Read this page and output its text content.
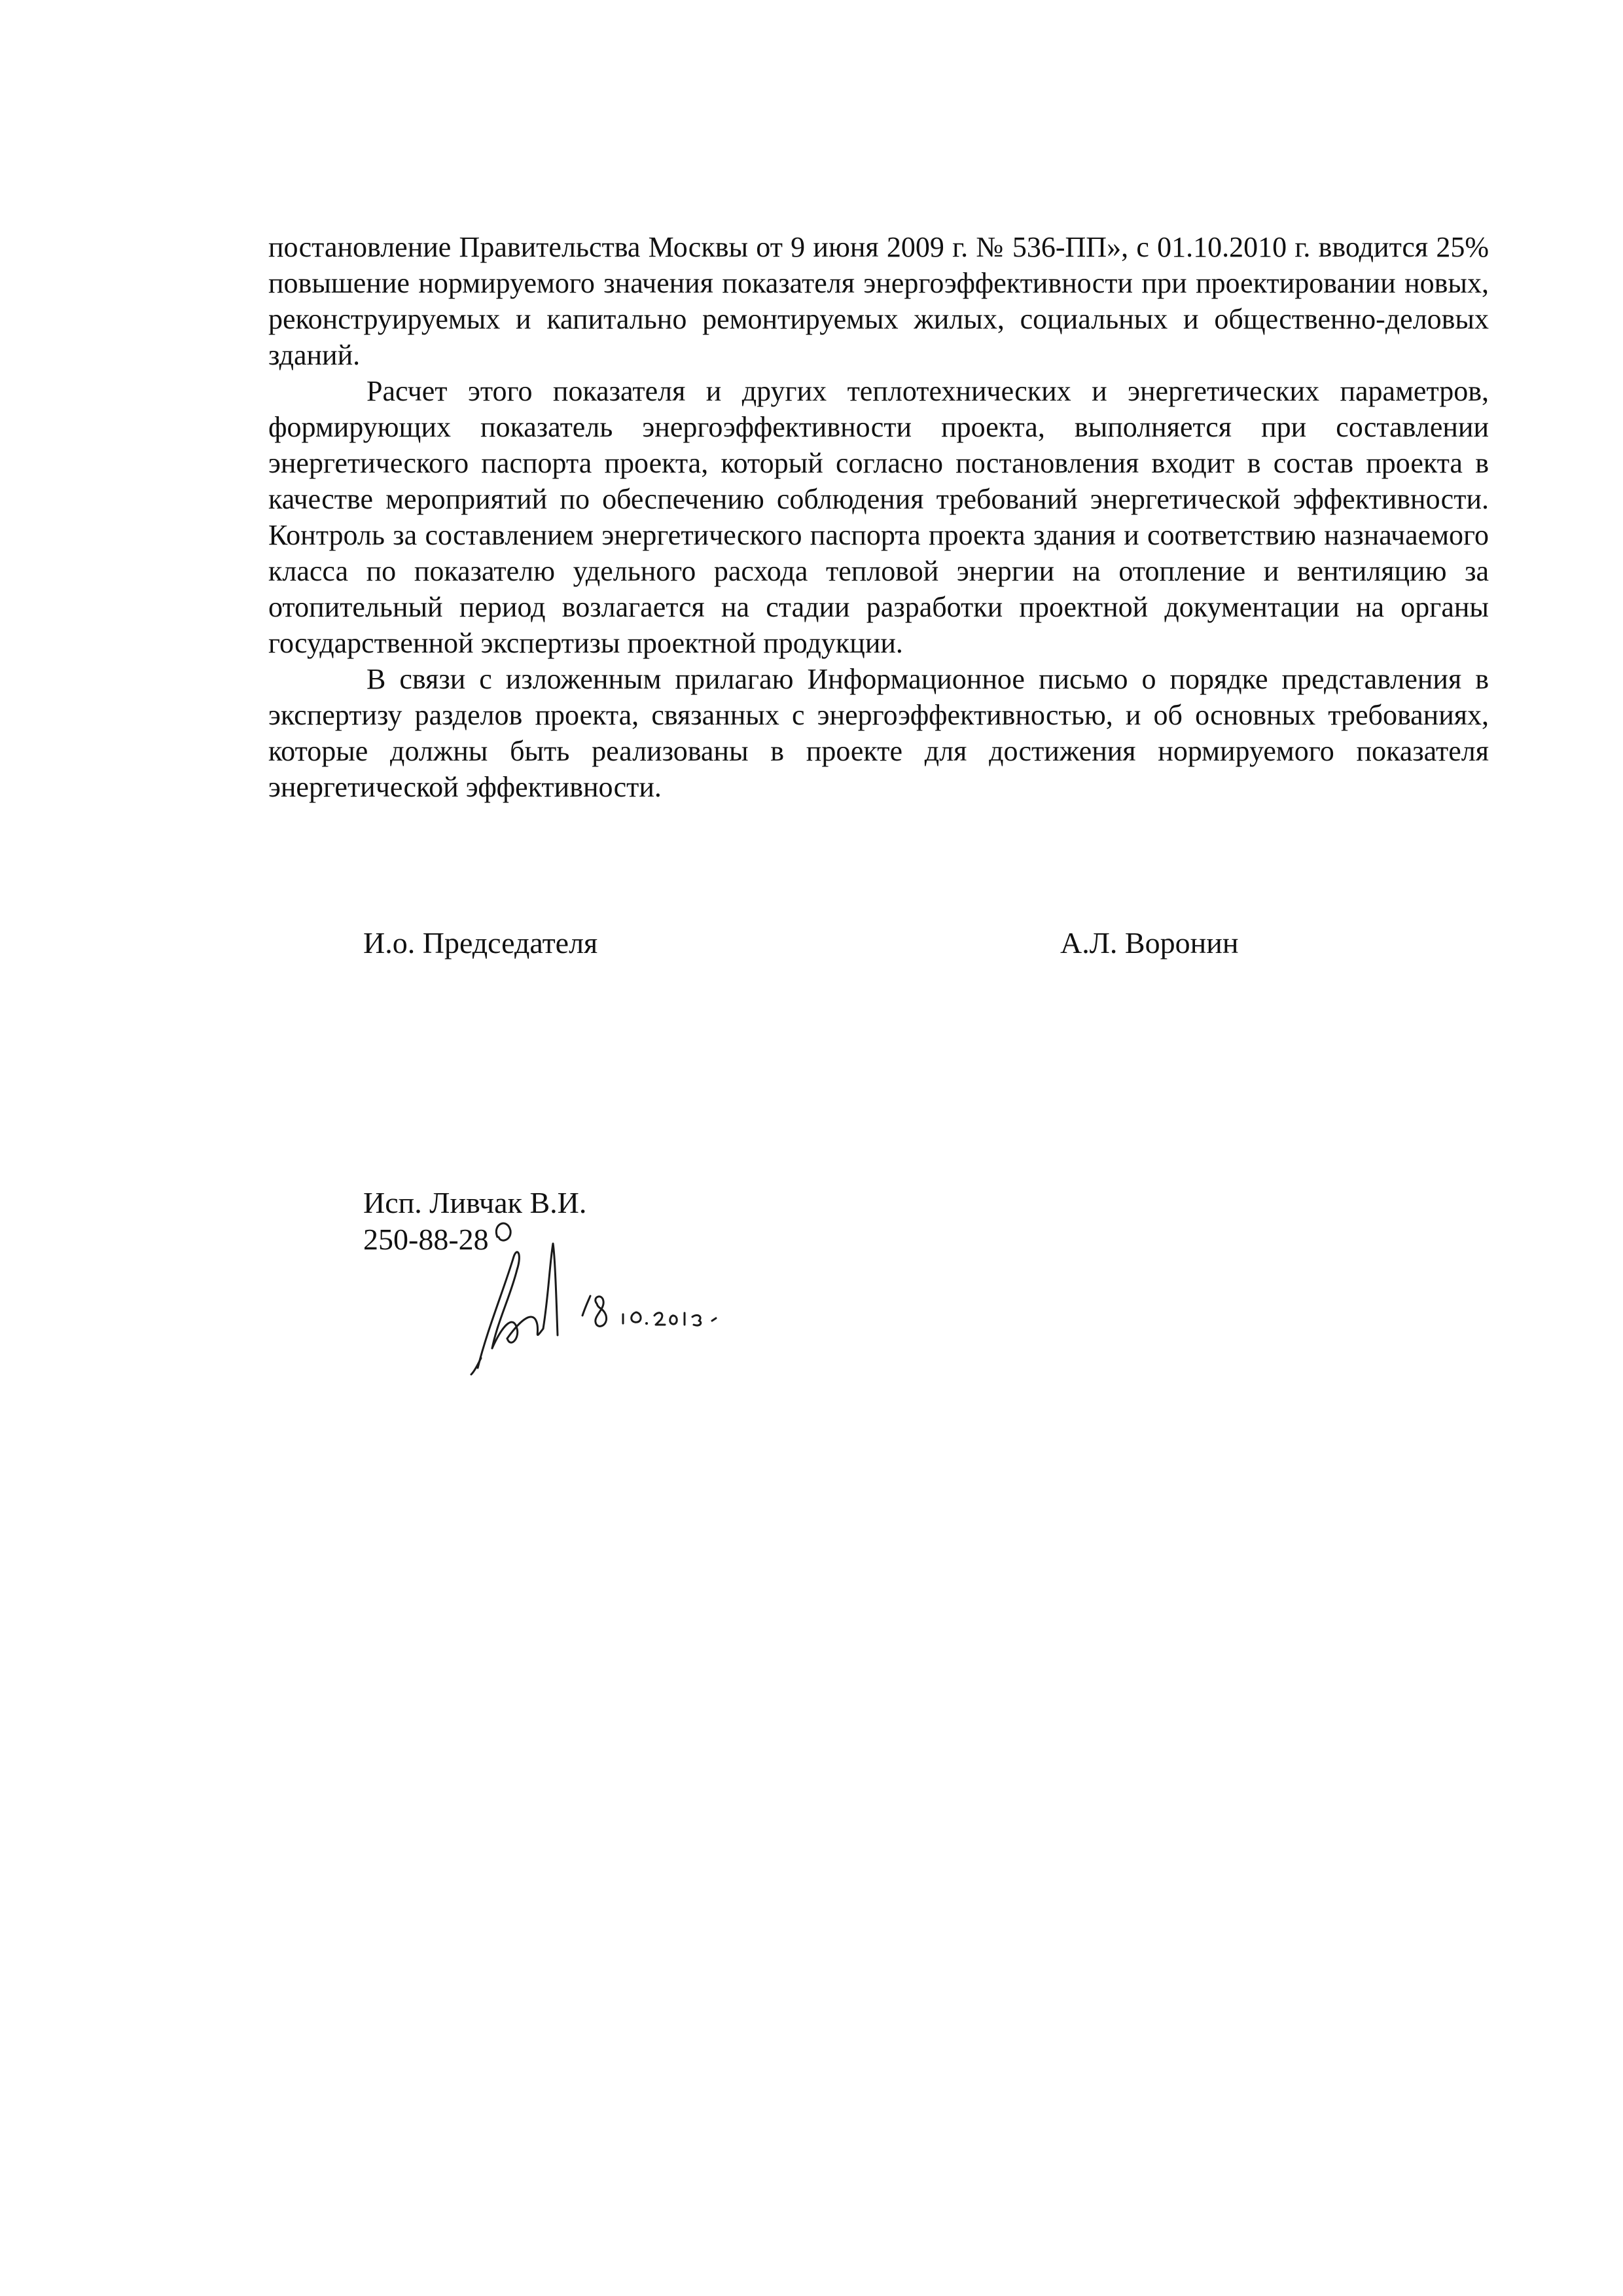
постановление Правительства Москвы от 9 июня 2009 г. № 536-ПП», с 01.10.2010 г. вводится 25% повышение нормируемого значения показателя энергоэффективности при проектировании новых, реконструируемых и капитально ремонтируемых жилых, социальных и общественно-деловых зданий.

Расчет этого показателя и других теплотехнических и энергетических параметров, формирующих показатель энергоэффективности проекта, выполняется при составлении энергетического паспорта проекта, который согласно постановления входит в состав проекта в качестве мероприятий по обеспечению соблюдения требований энергетической эффективности. Контроль за составлением энергетического паспорта проекта здания и соответствию назначаемого класса по показателю удельного расхода тепловой энергии на отопление и вентиляцию за отопительный период возлагается на стадии разработки проектной документации на органы государственной экспертизы проектной продукции.

В связи с изложенным прилагаю Информационное письмо о порядке представления в экспертизу разделов проекта, связанных с энергоэффективностью, и об основных требованиях, которые должны быть реализованы в проекте для достижения нормируемого показателя энергетической эффективности.

И.о. Председателя	А.Л. Воронин
Исп. Ливчак В.И.
250-88-28
